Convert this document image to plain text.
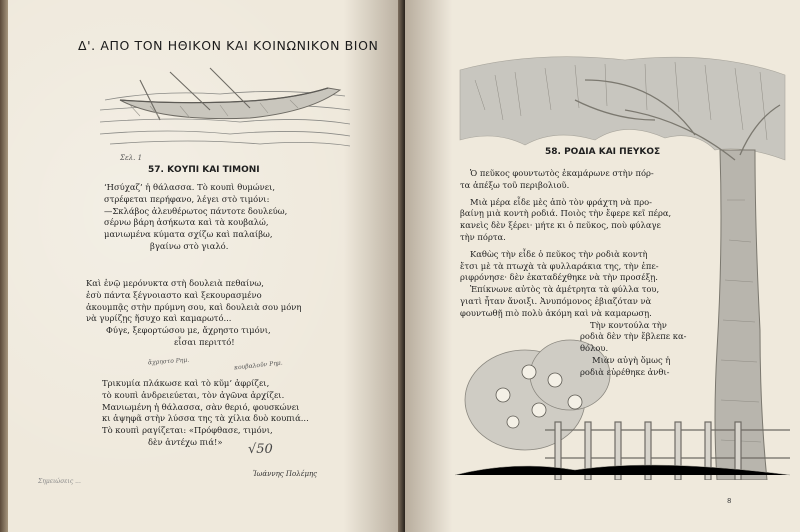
Δ'. ΑΠΟ ΤΟΝ ΗΘΙΚΟΝ ΚΑΙ ΚΟΙΝΩΝΙΚΟΝ ΒΙΟΝ
Σελ. 1
57. ΚΟΥΠΙ ΚΑΙ ΤΙΜΟΝΙ
‘Ησύχαζ’ ἡ θάλασσα. Τὸ κουπὶ θυμώνει,
στρέφεται περήφανο, λέγει στὸ τιμόνι:
—Σκλάβος ἀλευθέρωτος πάντοτε δουλεύω,
σέρνω βάρη ἀσήκωτα καὶ τὰ κουβαλώ,
μανιωμένα κύματα σχίζω καὶ παλαίβω,
βγαίνω στὸ γιαλό.
Καὶ ἐνῷ μερόνυκτα στὴ δουλειὰ πεθαίνω,
ἐσὺ πάντα ξέγνοιαστο καὶ ξεκουρασμένο
ἀκουμπᾷς στὴν πρύμνη σου, καὶ δουλειὰ σου μόνη
νὰ γυρίζῃς ἥσυχο καὶ καμαρωτό...
Φύγε, ξεφορτώσου με, ἄχρηστο τιμόνι,
εἶσαι περιττό!
ἄχρηστο Ρημ.	κουβαλοῦν Ρημ.
Τρικυμία πλάκωσε καὶ τὸ κῦμ’ ἀφρίζει,
τὸ κουπὶ ἀνδρειεύεται, τὸν ἀγῶνα ἀρχίζει.
Μανιωμένη ἡ θάλασσα, σὰν θεριό, φουσκώνει
κι ἀψηφᾶ στὴν λύσσα της τὰ χίλια δυὸ κουπιά...
Τὸ κουπὶ ραγίζεται: «Πρόφθασε, τιμόνι,
δὲν ἀντέχω πιά!»
√50
Ἰωάννης Πολέμης
Σημειώσεις ...
58. ΡΟΔΙΑ ΚΑΙ ΠΕΥΚΟΣ
Ὁ πεῦκος φουντωτὸς ἐκαμάρωνε στὴν πόρ-
τα ἀπέξω τοῦ περιβολιοῦ.
Μιὰ μέρα εἶδε μὲς ἀπὸ τὸν φράχτη νὰ προ-
βαίνῃ μιὰ κοντὴ ροδιά. Ποιὸς τὴν ἔφερε κεῖ πέρα,
κανεὶς δὲν ξέρει· μήτε κι ὁ πεῦκος, ποὺ φύλαγε
τὴν πόρτα.
Καθὼς τὴν εἶδε ὁ πεῦκος τὴν ροδιὰ κοντὴ
ἔτσι μὲ τὰ πτωχὰ τὰ φυλλαράκια της, τὴν ἐπε-
ριφρόνησε· δὲν ἐκαταδέχθηκε νὰ τὴν προσέξῃ.
Ἐπίκνωνε αὐτὸς τὰ ἀμέτρητα τὰ φύλλα του,
γιατὶ ἦταν ἄνοιξι. Ἀνυπόμονος ἐβιαζόταν νὰ
φουντωθῇ πιὸ πολὺ ἀκόμη καὶ νὰ καμαρωσῃ.
Τὴν κοντούλα τὴν
ροδιὰ δὲν τὴν ἔβλεπε κα-
θόλου.
Μιὰν αὐγὴ ὅμως ἡ
ροδιὰ εὑρέθηκε ἀνθι-
8
